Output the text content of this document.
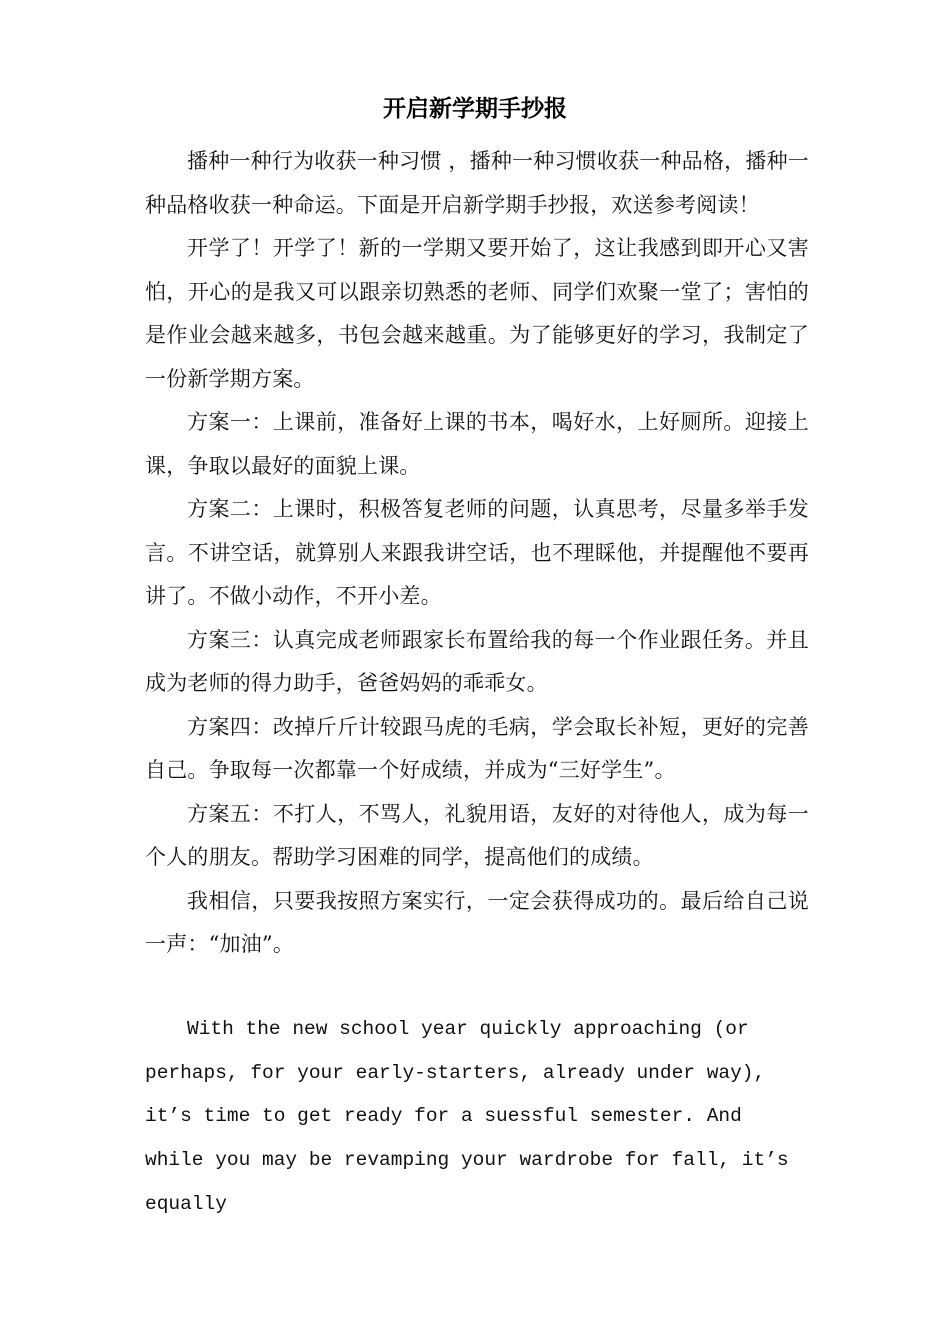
开启新学期手抄报

播种一种行为收获一种习惯 ，播种一种习惯收获一种品格，播种一种品格收获一种命运。下面是开启新学期手抄报，欢送参考阅读！

开学了！开学了！新的一学期又要开始了，这让我感到即开心又害怕，开心的是我又可以跟亲切熟悉的老师、同学们欢聚一堂了；害怕的是作业会越来越多，书包会越来越重。为了能够更好的学习，我制定了一份新学期方案。

方案一：上课前，准备好上课的书本，喝好水，上好厕所。迎接上课，争取以最好的面貌上课。

方案二：上课时，积极答复老师的问题，认真思考，尽量多举手发言。不讲空话，就算别人来跟我讲空话，也不理睬他，并提醒他不要再讲了。不做小动作，不开小差。

方案三：认真完成老师跟家长布置给我的每一个作业跟任务。并且成为老师的得力助手，爸爸妈妈的乖乖女。

方案四：改掉斤斤计较跟马虎的毛病，学会取长补短，更好的完善自己。争取每一次都靠一个好成绩，并成为“三好学生”。

方案五：不打人，不骂人，礼貌用语，友好的对待他人，成为每一个人的朋友。帮助学习困难的同学，提高他们的成绩。

我相信，只要我按照方案实行，一定会获得成功的。最后给自己说一声：“加油”。

With the new school year quickly approaching (or perhaps, for your early-starters, already under way), it’s time to get ready for a suessful semester. And while you may be revamping your wardrobe for fall, it’s equally
